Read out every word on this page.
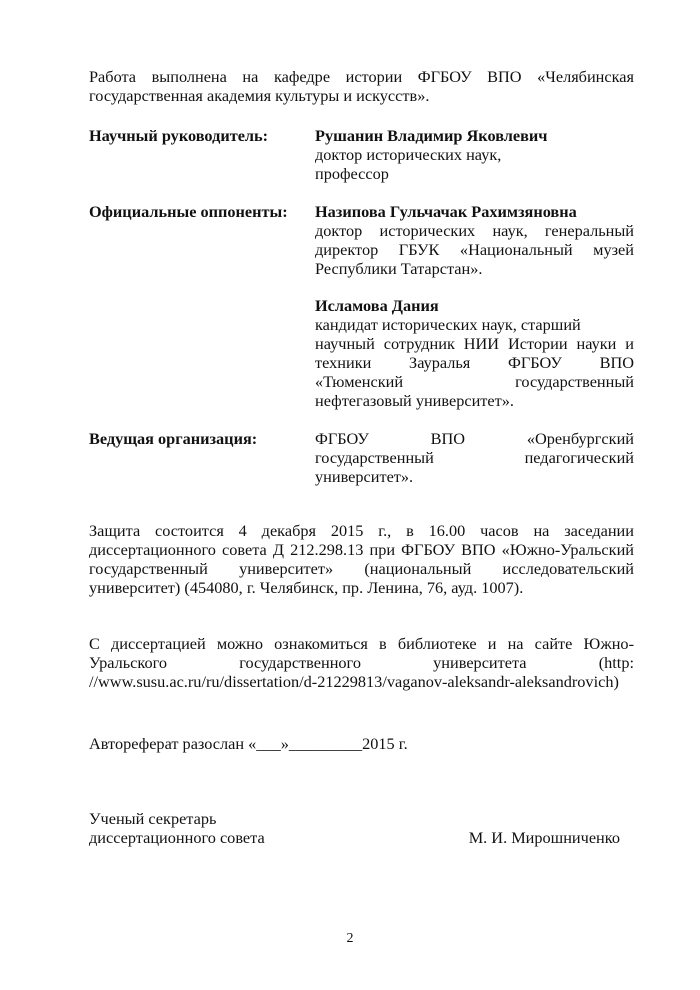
Работа выполнена на кафедре истории ФГБОУ ВПО «Челябинская
государственная академия культуры и искусств».
Научный руководитель:	Рушанин Владимир Яковлевич
доктор исторических наук,
профессор
Официальные оппоненты: Назипова Гульчачак Рахимзяновна
доктор исторических наук, генеральный
директор ГБУК «Национальный музей
Республики Татарстан».
Исламова Дания
кандидат исторических наук, старший
научный сотрудник НИИ Истории науки и
техники Зауралья ФГБОУ ВПО
«Тюменский государственный
нефтегазовый университет».
Ведущая организация:	ФГБОУ ВПО «Оренбургский
государственный педагогический
университет».
Защита состоится 4 декабря 2015 г., в 16.00 часов на заседании
диссертационного совета Д 212.298.13 при ФГБОУ ВПО «Южно-Уральский
государственный университет» (национальный исследовательский
университет) (454080, г. Челябинск, пр. Ленина, 76, ауд. 1007).
С диссертацией можно ознакомиться в библиотеке и на сайте Южно-
Уральского государственного университета (http:
//www.susu.ac.ru/ru/dissertation/d-21229813/vaganov-aleksandr-aleksandrovich)
Автореферат разослан «___»_________2015 г.
Ученый секретарь
диссертационного совета	М. И. Мирошниченко
2
